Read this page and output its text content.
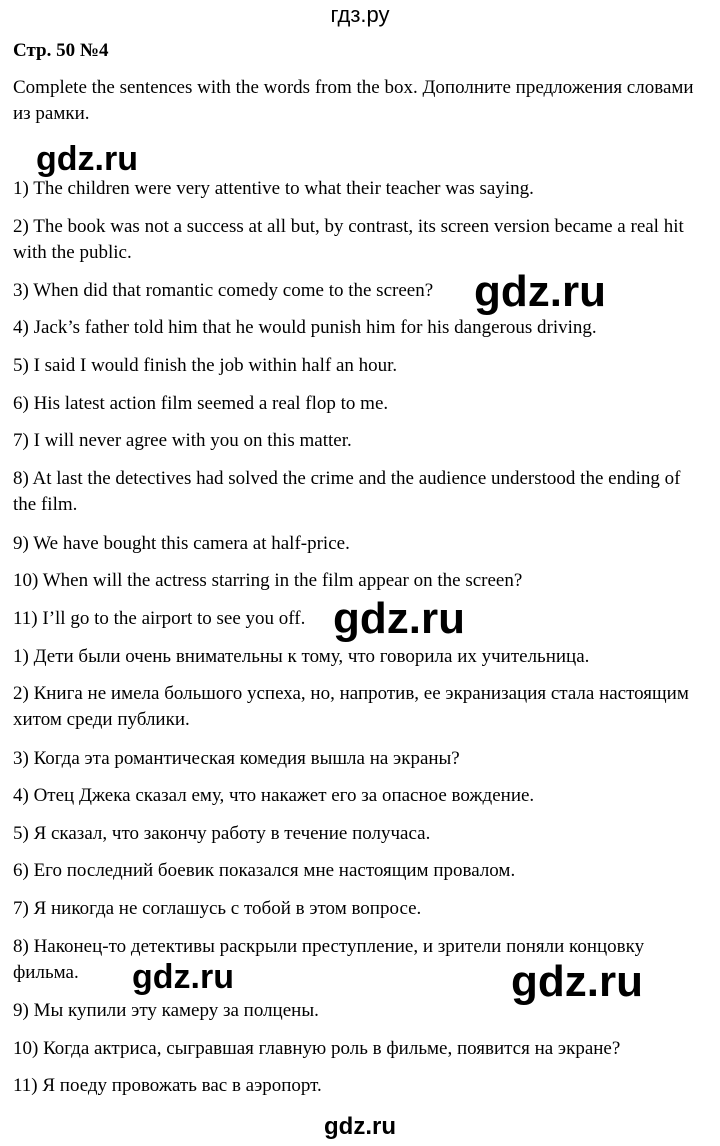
гдз.ру
Стр. 50 №4
Complete the sentences with the words from the box. Дополните предложения словами из рамки.
1) The children were very attentive to what their teacher was saying.
2) The book was not a success at all but, by contrast, its screen version became a real hit with the public.
3) When did that romantic comedy come to the screen?
4) Jack’s father told him that he would punish him for his dangerous driving.
5) I said I would finish the job within half an hour.
6) His latest action film seemed a real flop to me.
7) I will never agree with you on this matter.
8) At last the detectives had solved the crime and the audience understood the ending of the film.
9) We have bought this camera at half-price.
10) When will the actress starring in the film appear on the screen?
11) I’ll go to the airport to see you off.
1) Дети были очень внимательны к тому, что говорила их учительница.
2) Книга не имела большого успеха, но, напротив, ее экранизация стала настоящим хитом среди публики.
3) Когда эта романтическая комедия вышла на экраны?
4) Отец Джека сказал ему, что накажет его за опасное вождение.
5) Я сказал, что закончу работу в течение получаса.
6) Его последний боевик показался мне настоящим провалом.
7) Я никогда не соглашусь с тобой в этом вопросе.
8) Наконец-то детективы раскрыли преступление, и зрители поняли концовку фильма.
9) Мы купили эту камеру за полцены.
10) Когда актриса, сыгравшая главную роль в фильме, появится на экране?
11) Я поеду провожать вас в аэропорт.
gdz.ru
gdz.ru
gdz.ru
gdz.ru	gdz.ru
gdz.ru
